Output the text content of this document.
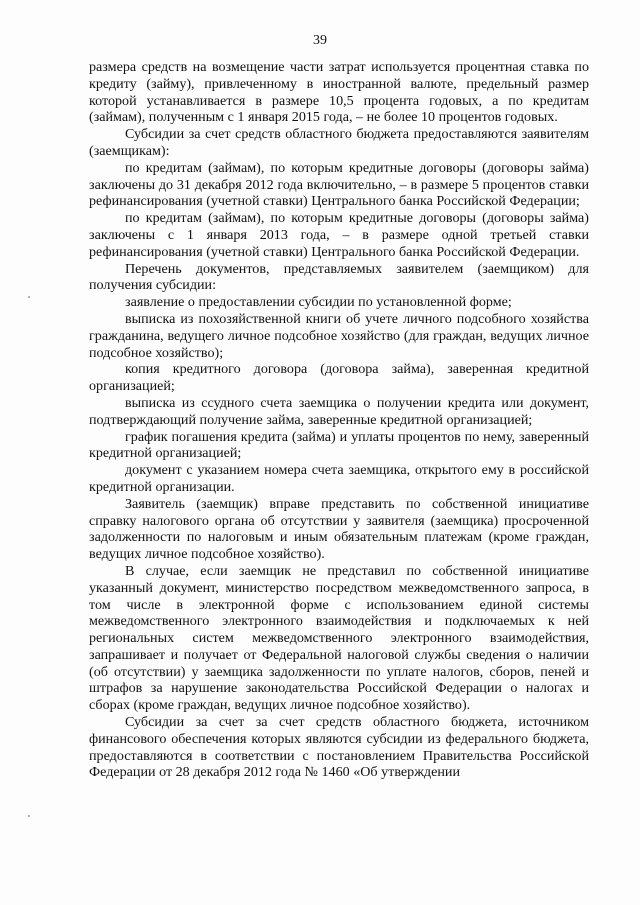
39

размера средств на возмещение части затрат используется процентная ставка по кредиту (займу), привлеченному в иностранной валюте, предельный размер которой устанавливается в размере 10,5 процента годовых, а по кредитам (займам), полученным с 1 января 2015 года, – не более 10 процентов годовых.

Субсидии за счет средств областного бюджета предоставляются заявителям (заемщикам):

по кредитам (займам), по которым кредитные договоры (договоры займа) заключены до 31 декабря 2012 года включительно, – в размере 5 процентов ставки рефинансирования (учетной ставки) Центрального банка Российской Федерации;

по кредитам (займам), по которым кредитные договоры (договоры займа) заключены с 1 января 2013 года, – в размере одной третьей ставки рефинансирования (учетной ставки) Центрального банка Российской Федерации.

Перечень документов, представляемых заявителем (заемщиком) для получения субсидии:

заявление о предоставлении субсидии по установленной форме;

выписка из похозяйственной книги об учете личного подсобного хозяйства гражданина, ведущего личное подсобное хозяйство (для граждан, ведущих личное подсобное хозяйство);

копия кредитного договора (договора займа), заверенная кредитной организацией;

выписка из ссудного счета заемщика о получении кредита или документ, подтверждающий получение займа, заверенные кредитной организацией;

график погашения кредита (займа) и уплаты процентов по нему, заверенный кредитной организацией;

документ с указанием номера счета заемщика, открытого ему в российской кредитной организации.

Заявитель (заемщик) вправе представить по собственной инициативе справку налогового органа об отсутствии у заявителя (заемщика) просроченной задолженности по налоговым и иным обязательным платежам (кроме граждан, ведущих личное подсобное хозяйство).

В случае, если заемщик не представил по собственной инициативе указанный документ, министерство посредством межведомственного запроса, в том числе в электронной форме с использованием единой системы межведомственного электронного взаимодействия и подключаемых к ней региональных систем межведомственного электронного взаимодействия, запрашивает и получает от Федеральной налоговой службы сведения о наличии (об отсутствии) у заемщика задолженности по уплате налогов, сборов, пеней и штрафов за нарушение законодательства Российской Федерации о налогах и сборах (кроме граждан, ведущих личное подсобное хозяйство).

Субсидии за счет за счет средств областного бюджета, источником финансового обеспечения которых являются субсидии из федерального бюджета, предоставляются в соответствии с постановлением Правительства Российской Федерации от 28 декабря 2012 года № 1460 «Об утверждении
